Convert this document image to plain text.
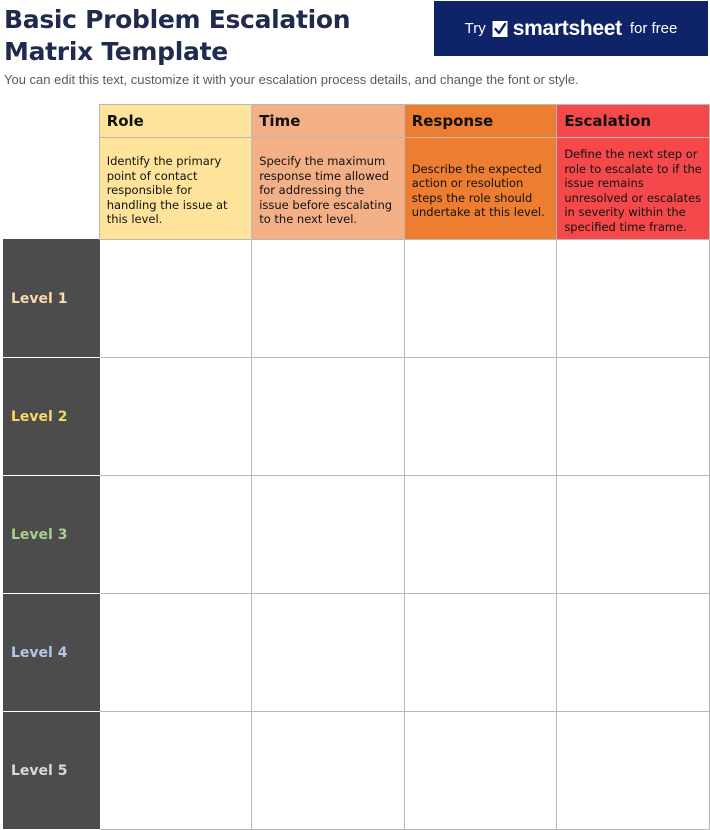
Basic Problem Escalation
Matrix Template
Try smartsheet for free
You can edit this text, customize it with your escalation process details, and change the font or style.
	Role	Time	Response	Escalation
	Identify the primary point of contact responsible for handling the issue at this level.	Specify the maximum response time allowed for addressing the issue before escalating to the next level.	Describe the expected action or resolution steps the role should undertake at this level.	Define the next step or role to escalate to if the issue remains unresolved or escalates in severity within the specified time frame.
Level 1				
Level 2				
Level 3				
Level 4				
Level 5				
